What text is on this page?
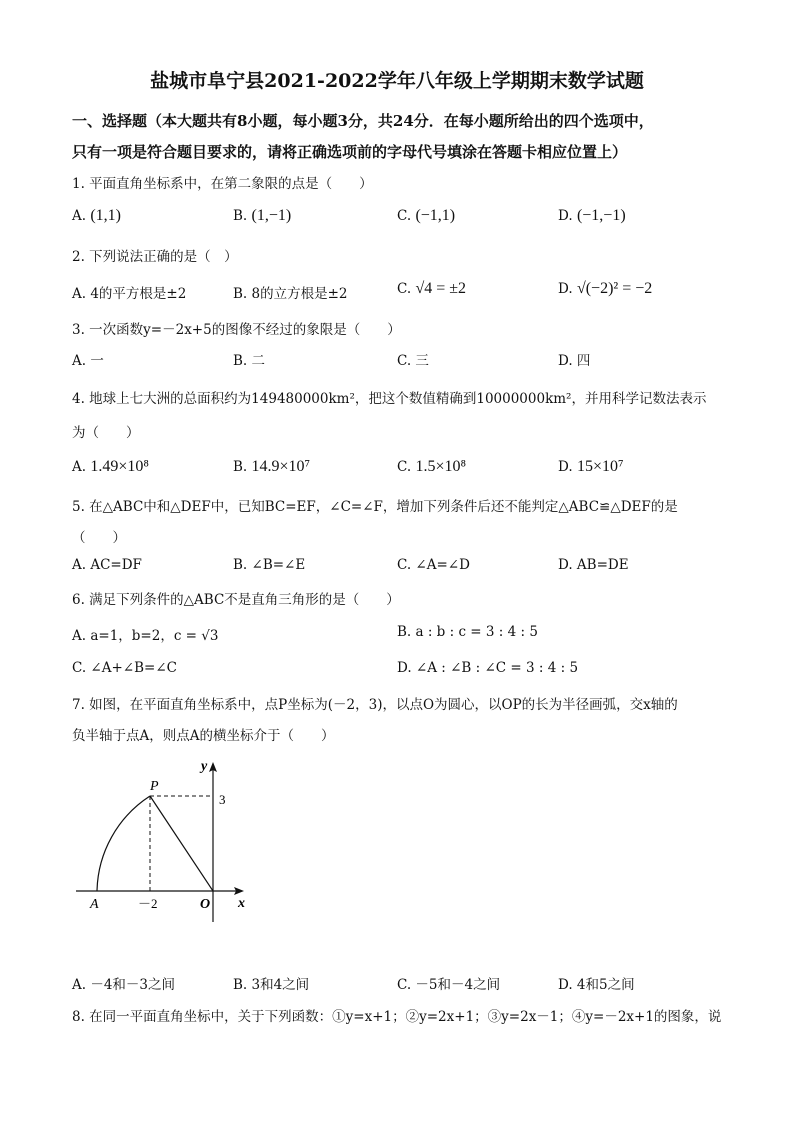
盐城市阜宁县2021-2022学年八年级上学期期末数学试题
一、选择题（本大题共有8小题，每小题3分，共24分．在每小题所给出的四个选项中，
只有一项是符合题目要求的，请将正确选项前的字母代号填涂在答题卡相应位置上）
1. 平面直角坐标系中，在第二象限的点是（　　）
A. (1,1)	B. (1,−1)	C. (−1,1)	D. (−1,−1)
2. 下列说法正确的是（　）
A. 4的平方根是±2	B. 8的立方根是±2	C. √4 = ±2	D. √(−2)² = −2
3. 一次函数y=－2x+5的图像不经过的象限是（　　）
A. 一	B. 二	C. 三	D. 四
4. 地球上七大洲的总面积约为149480000km²，把这个数值精确到10000000km²，并用科学记数法表示
为（　　）
A. 1.49×10⁸	B. 14.9×10⁷	C. 1.5×10⁸	D. 15×10⁷
5. 在△ABC中和△DEF中，已知BC=EF，∠C=∠F，增加下列条件后还不能判定△ABC≌△DEF的是
（　　）
A. AC=DF	B. ∠B=∠E	C. ∠A=∠D	D. AB=DE
6. 满足下列条件的△ABC不是直角三角形的是（　　）
A. a=1，b=2，c = √3	B. a : b : c = 3 : 4 : 5
C. ∠A+∠B=∠C	D. ∠A : ∠B : ∠C = 3 : 4 : 5
7. 如图，在平面直角坐标系中，点P坐标为(－2，3)，以点O为圆心，以OP的长为半径画弧，交x轴的
负半轴于点A，则点A的横坐标介于（　　）
y
x
P
A	O
3
－2
A. －4和－3之间	B. 3和4之间	C. －5和－4之间	D. 4和5之间
8. 在同一平面直角坐标中，关于下列函数：①y=x+1；②y=2x+1；③y=2x－1；④y=－2x+1的图象，说
